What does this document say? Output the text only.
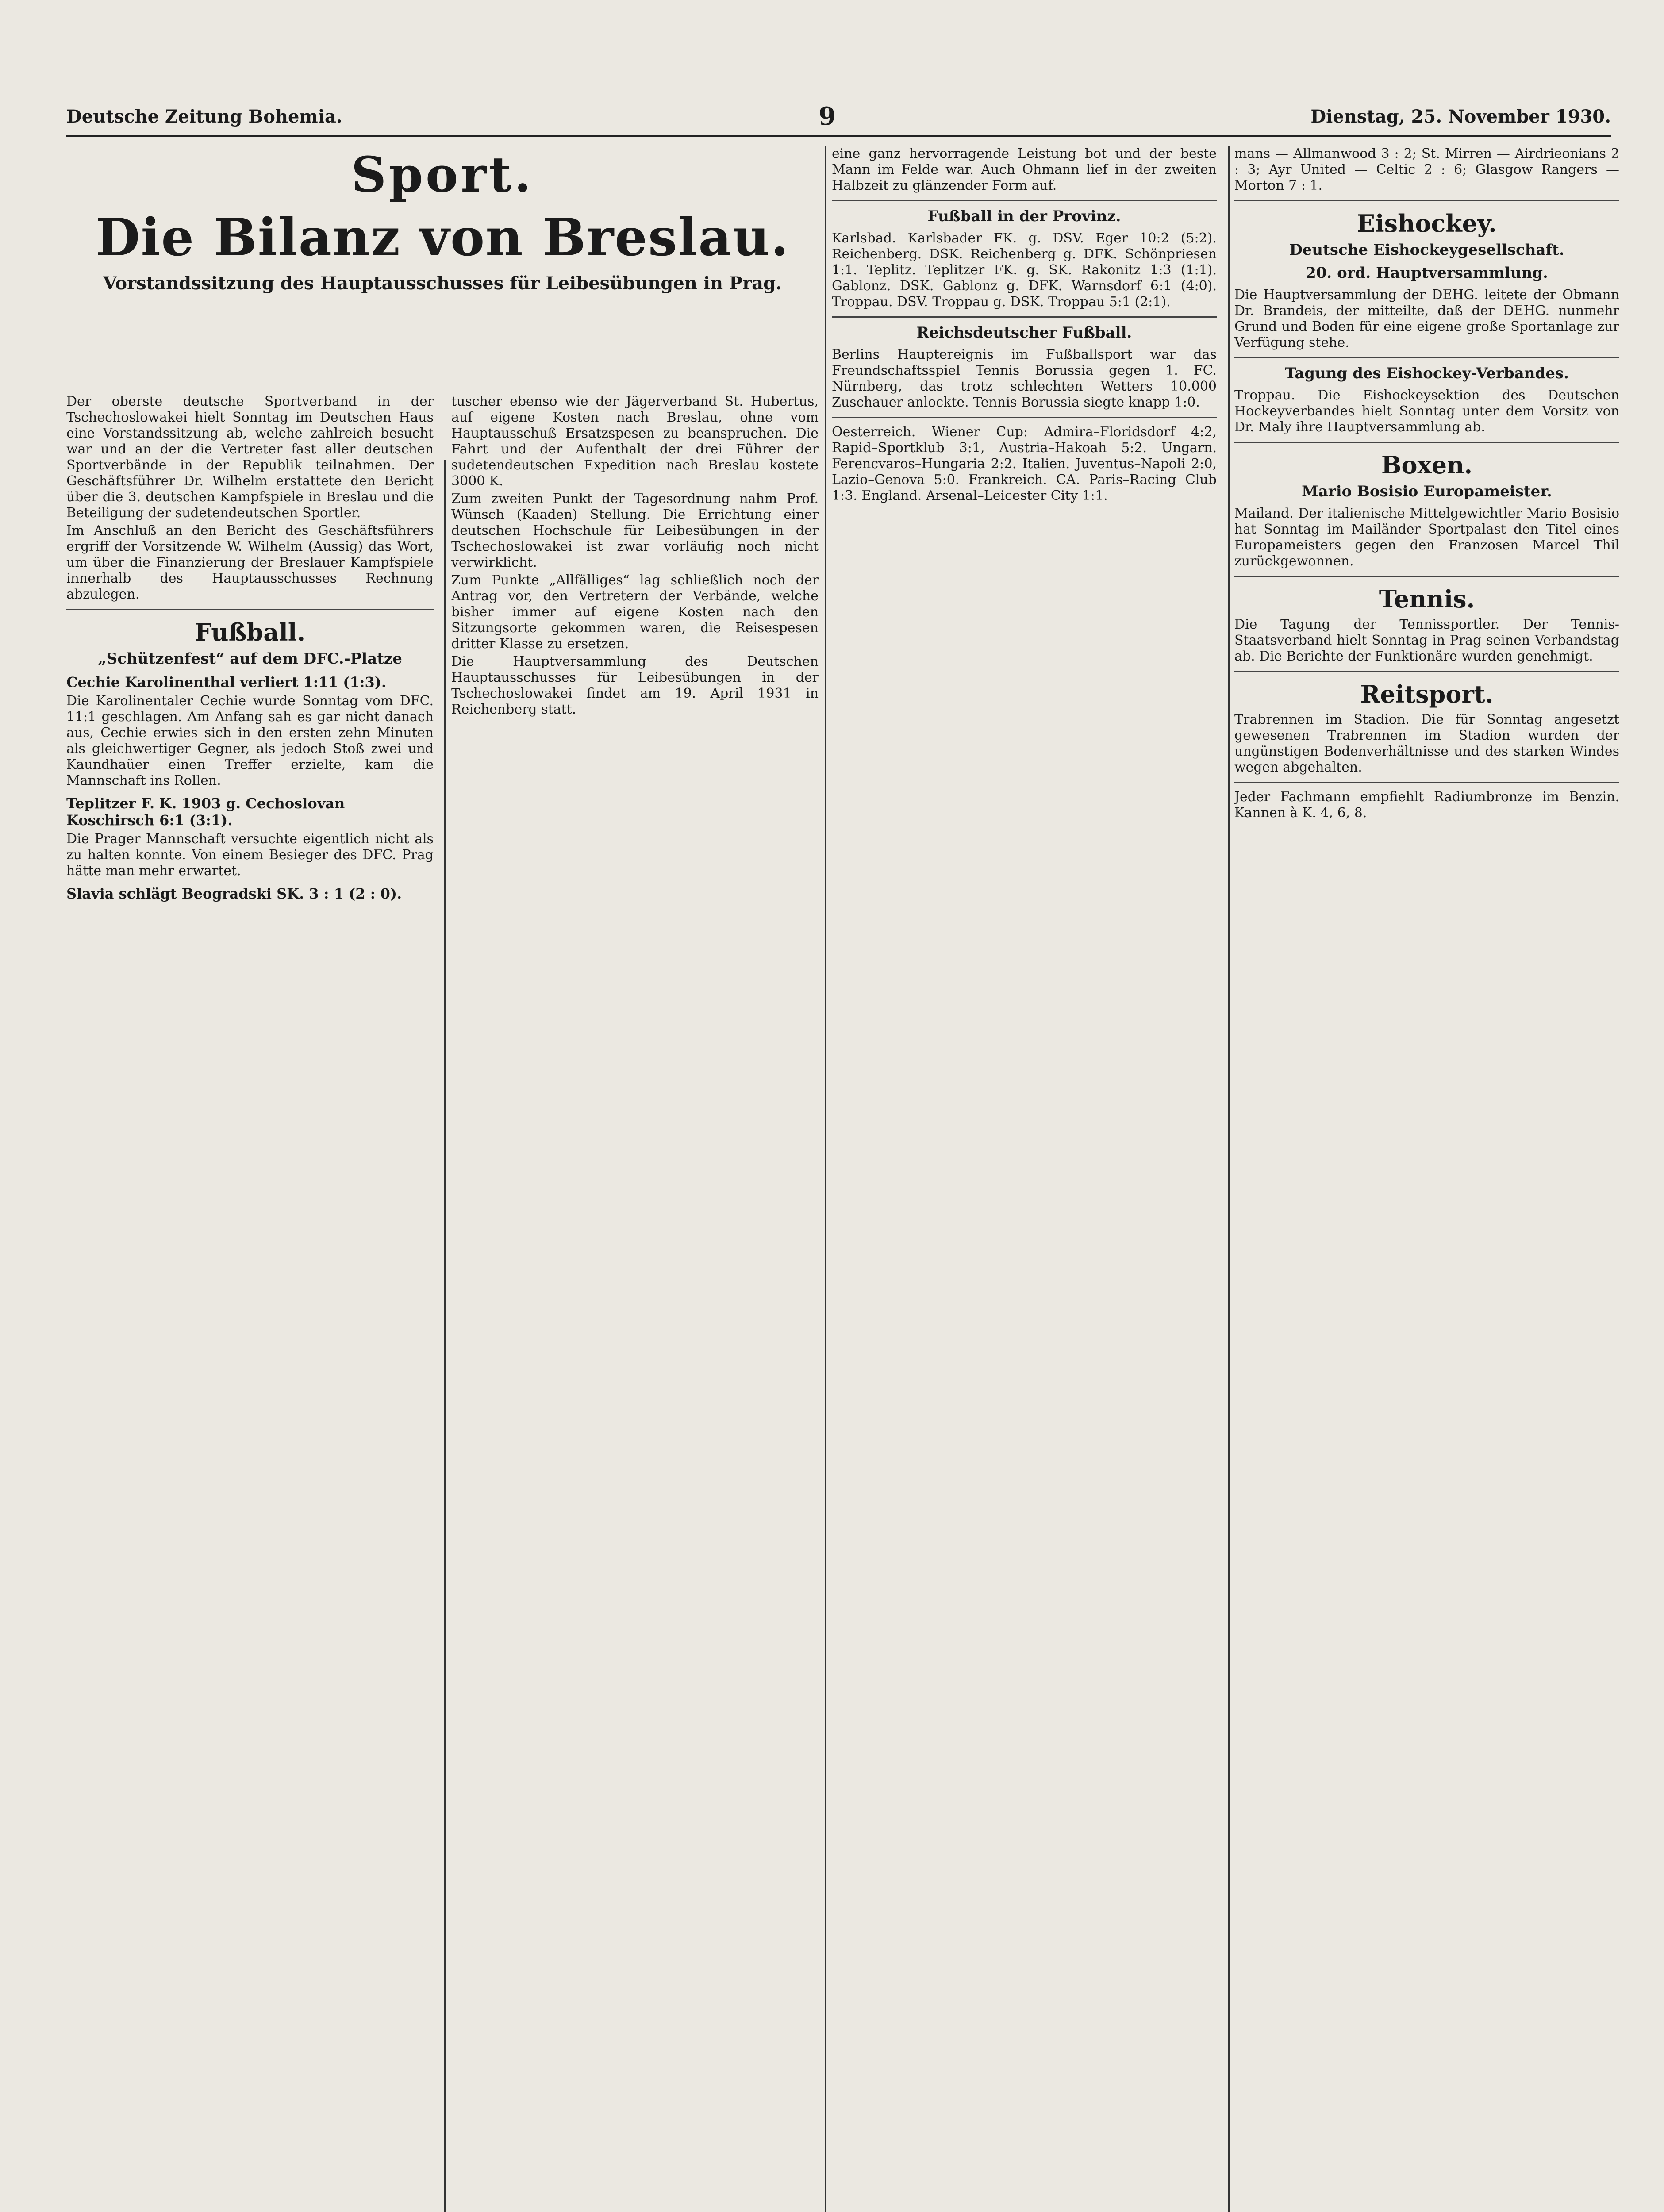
Deutsche Zeitung Bohemia.	9	Dienstag, 25. November 1930.
Sport.
Die Bilanz von Breslau.
Vorstandssitzung des Hauptausschusses für Leibesübungen in Prag.

Der oberste deutsche Sportverband in der Tschechoslowakei hielt Sonntag im Deutschen Haus eine Vorstandssitzung ab, welche zahlreich besucht war und an der die Vertreter fast aller deutschen Sportverbände in der Republik teilnahmen. Der Geschäftsführer Dr. Wilhelm erstattete den Bericht über die 3. deutschen Kampfspiele in Breslau und die Beteiligung der sudetendeutschen Sportler.

Im Anschluß an den Bericht des Geschäftsführers ergriff der Vorsitzende W. Wilhelm (Aussig) das Wort, um über die Finanzierung der Breslauer Kampfspiele innerhalb des Hauptausschusses Rechnung abzulegen.

Fußball.
„Schützenfest“ auf dem DFC.-Platze
Cechie Karolinenthal verliert 1:11 (1:3).

Die Karolinentaler Cechie wurde Sonntag vom DFC. 11:1 geschlagen. Am Anfang sah es gar nicht danach aus, Cechie erwies sich in den ersten zehn Minuten als gleichwertiger Gegner, als jedoch Stoß zwei und Kaundhaüer einen Treffer erzielte, kam die Mannschaft ins Rollen.

Teplitzer F. K. 1903 g. Cechoslovan Koschirsch 6:1 (3:1).

Die Prager Mannschaft versuchte eigentlich nicht als zu halten konnte. Von einem Besieger des DFC. Prag hätte man mehr erwartet.

Slavia schlägt Beogradski SK. 3 : 1 (2 : 0).

tuscher ebenso wie der Jägerverband St. Hubertus, auf eigene Kosten nach Breslau, ohne vom Hauptausschuß Ersatzspesen zu beanspruchen. Die Fahrt und der Aufenthalt der drei Führer der sudetendeutschen Expedition nach Breslau kostete 3000 K.

Zum zweiten Punkt der Tagesordnung nahm Prof. Wünsch (Kaaden) Stellung. Die Errichtung einer deutschen Hochschule für Leibesübungen in der Tschechoslowakei ist zwar vorläufig noch nicht verwirklicht.

Zum Punkte „Allfälliges“ lag schließlich noch der Antrag vor, den Vertretern der Verbände, welche bisher immer auf eigene Kosten nach den Sitzungsorte gekommen waren, die Reisespesen dritter Klasse zu ersetzen.

Die Hauptversammlung des Deutschen Hauptausschusses für Leibesübungen in der Tschechoslowakei findet am 19. April 1931 in Reichenberg statt.

eine ganz hervorragende Leistung bot und der beste Mann im Felde war. Auch Ohmann lief in der zweiten Halbzeit zu glänzender Form auf.

Fußball in der Provinz.

Karlsbad. Karlsbader FK. g. DSV. Eger 10:2 (5:2). Reichenberg. DSK. Reichenberg g. DFK. Schönpriesen 1:1. Teplitz. Teplitzer FK. g. SK. Rakonitz 1:3 (1:1). Gablonz. DSK. Gablonz g. DFK. Warnsdorf 6:1 (4:0). Troppau. DSV. Troppau g. DSK. Troppau 5:1 (2:1).

Reichsdeutscher Fußball.

Berlins Hauptereignis im Fußballsport war das Freundschaftsspiel Tennis Borussia gegen 1. FC. Nürnberg, das trotz schlechten Wetters 10.000 Zuschauer anlockte. Tennis Borussia siegte knapp 1:0.

Oesterreich. Wiener Cup: Admira–Floridsdorf 4:2, Rapid–Sportklub 3:1, Austria–Hakoah 5:2. Ungarn. Ferencvaros–Hungaria 2:2. Italien. Juventus–Napoli 2:0, Lazio–Genova 5:0. Frankreich. CA. Paris–Racing Club 1:3. England. Arsenal–Leicester City 1:1.

mans — Allmanwood 3 : 2; St. Mirren — Airdrieonians 2 : 3; Ayr United — Celtic 2 : 6; Glasgow Rangers — Morton 7 : 1.

Eishockey.
Deutsche Eishockeygesellschaft.
20. ord. Hauptversammlung.

Die Hauptversammlung der DEHG. leitete der Obmann Dr. Brandeis, der mitteilte, daß der DEHG. nunmehr Grund und Boden für eine eigene große Sportanlage zur Verfügung stehe.

Tagung des Eishockey-Verbandes.

Troppau. Die Eishockeysektion des Deutschen Hockeyverbandes hielt Sonntag unter dem Vorsitz von Dr. Maly ihre Hauptversammlung ab.

Boxen.
Mario Bosisio Europameister.

Mailand. Der italienische Mittelgewichtler Mario Bosisio hat Sonntag im Mailänder Sportpalast den Titel eines Europameisters gegen den Franzosen Marcel Thil zurückgewonnen.

Tennis.

Die Tagung der Tennissportler. Der Tennis-Staatsverband hielt Sonntag in Prag seinen Verbandstag ab. Die Berichte der Funktionäre wurden genehmigt.

Reitsport.

Trabrennen im Stadion. Die für Sonntag angesetzt gewesenen Trabrennen im Stadion wurden der ungünstigen Bodenverhältnisse und des starken Windes wegen abgehalten.

Jeder Fachmann empfiehlt Radiumbronze im Benzin. Kannen à K. 4, 6, 8.
